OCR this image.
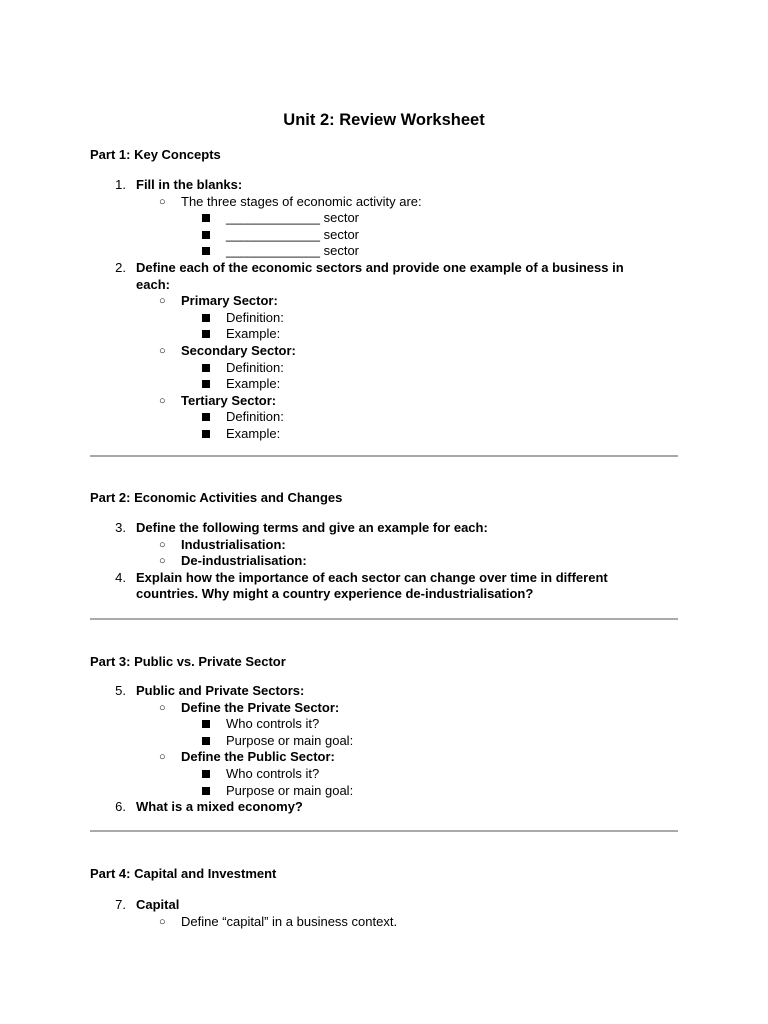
Unit 2: Review Worksheet
Part 1: Key Concepts
1. Fill in the blanks:
○ The three stages of economic activity are:
_____________ sector
_____________ sector
_____________ sector
2. Define each of the economic sectors and provide one example of a business in each:
○ Primary Sector:
Definition:
Example:
○ Secondary Sector:
Definition:
Example:
○ Tertiary Sector:
Definition:
Example:
Part 2: Economic Activities and Changes
3. Define the following terms and give an example for each:
○ Industrialisation:
○ De-industrialisation:
4. Explain how the importance of each sector can change over time in different countries. Why might a country experience de-industrialisation?
Part 3: Public vs. Private Sector
5. Public and Private Sectors:
○ Define the Private Sector:
Who controls it?
Purpose or main goal:
○ Define the Public Sector:
Who controls it?
Purpose or main goal:
6. What is a mixed economy?
Part 4: Capital and Investment
7. Capital
○ Define “capital” in a business context.
